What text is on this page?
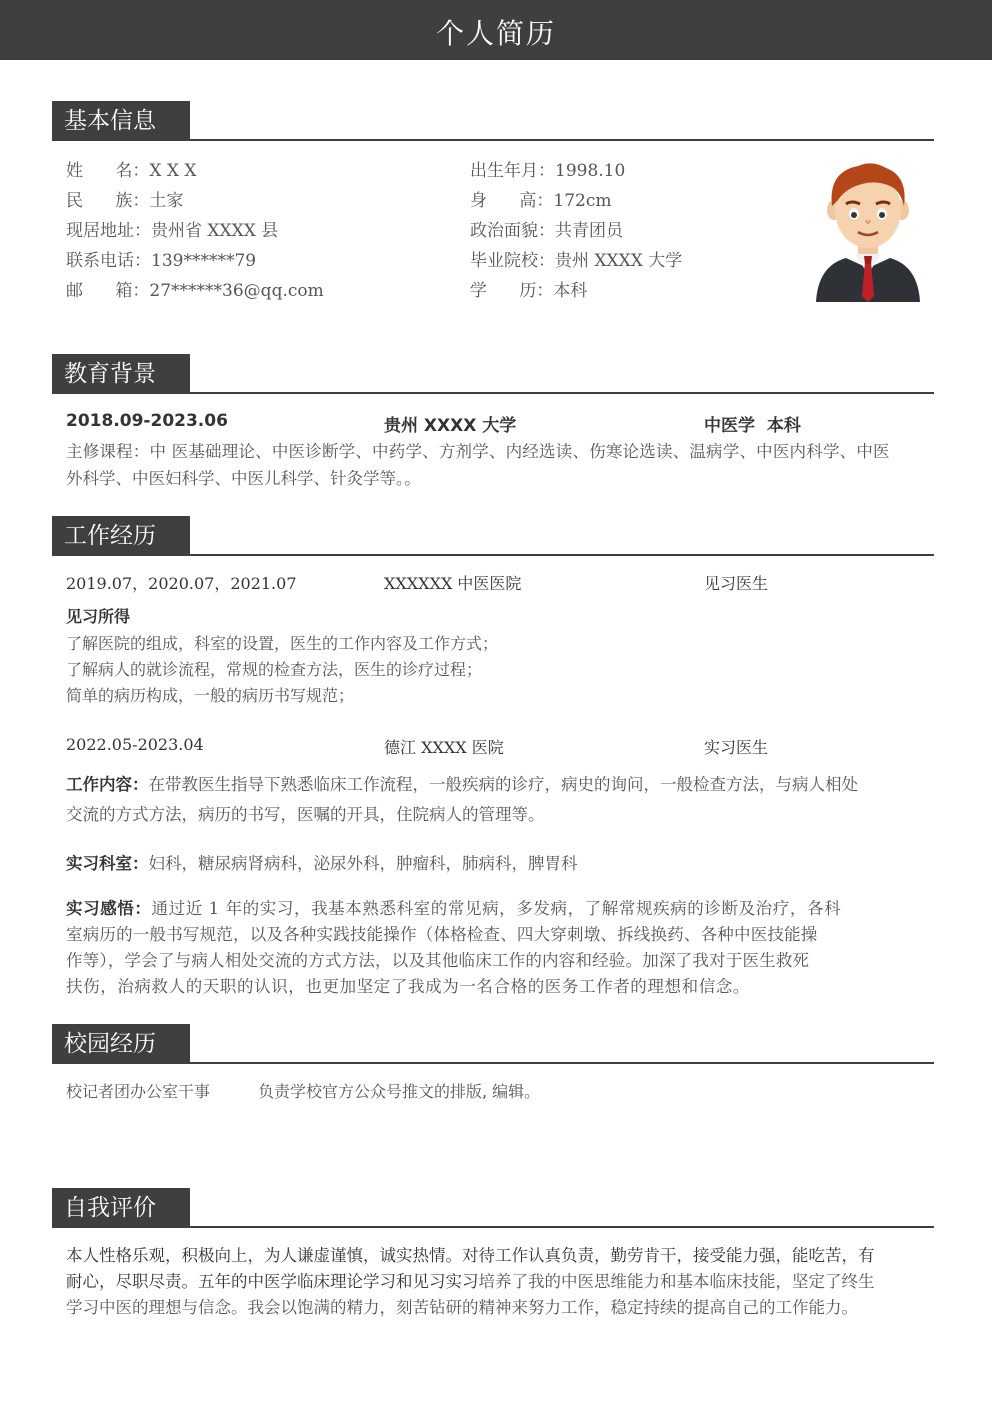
个人简历
基本信息
姓      名：X X X
民      族：土家
现居地址：贵州省 XXXX 县
联系电话：139******79
邮      箱：27******36@qq.com
出生年月：1998.10
身      高：172cm
政治面貌：共青团员
毕业院校：贵州 XXXX 大学
学      历：本科
教育背景
2018.09-2023.06	贵州 XXXX 大学	中医学  本科
主修课程：中 医基础理论、中医诊断学、中药学、方剂学、内经选读、伤寒论选读、温病学、中医内科学、中医
外科学、中医妇科学、中医儿科学、针灸学等。。
工作经历
2019.07，2020.07，2021.07	XXXXXX 中医医院	见习医生
见习所得
了解医院的组成，科室的设置，医生的工作内容及工作方式；
了解病人的就诊流程，常规的检查方法，医生的诊疗过程；
简单的病历构成，一般的病历书写规范；
2022.05-2023.04	德江 XXXX 医院	实习医生
工作内容：在带教医生指导下熟悉临床工作流程，一般疾病的诊疗，病史的询问，一般检查方法，与病人相处
交流的方式方法，病历的书写，医嘱的开具，住院病人的管理等。
实习科室：妇科，糖尿病肾病科，泌尿外科，肿瘤科，肺病科，脾胃科
实习感悟：通过近 1 年的实习，我基本熟悉科室的常见病，多发病，了解常规疾病的诊断及治疗，各科
室病历的一般书写规范，以及各种实践技能操作（体格检查、四大穿刺墩、拆线换药、各种中医技能操
作等），学会了与病人相处交流的方式方法，以及其他临床工作的内容和经验。加深了我对于医生救死
扶伤，治病救人的天职的认识，也更加坚定了我成为一名合格的医务工作者的理想和信念。
校园经历
校记者团办公室干事	负责学校官方公众号推文的排版, 编辑。
自我评价
本人性格乐观，积极向上，为人谦虚谨慎，诚实热情。对待工作认真负责，勤劳肯干，接受能力强，能吃苦，有
耐心，尽职尽责。五年的中医学临床理论学习和见习实习培养了我的中医思维能力和基本临床技能，坚定了终生
学习中医的理想与信念。我会以饱满的精力，刻苦钻研的精神来努力工作，稳定持续的提高自己的工作能力。
